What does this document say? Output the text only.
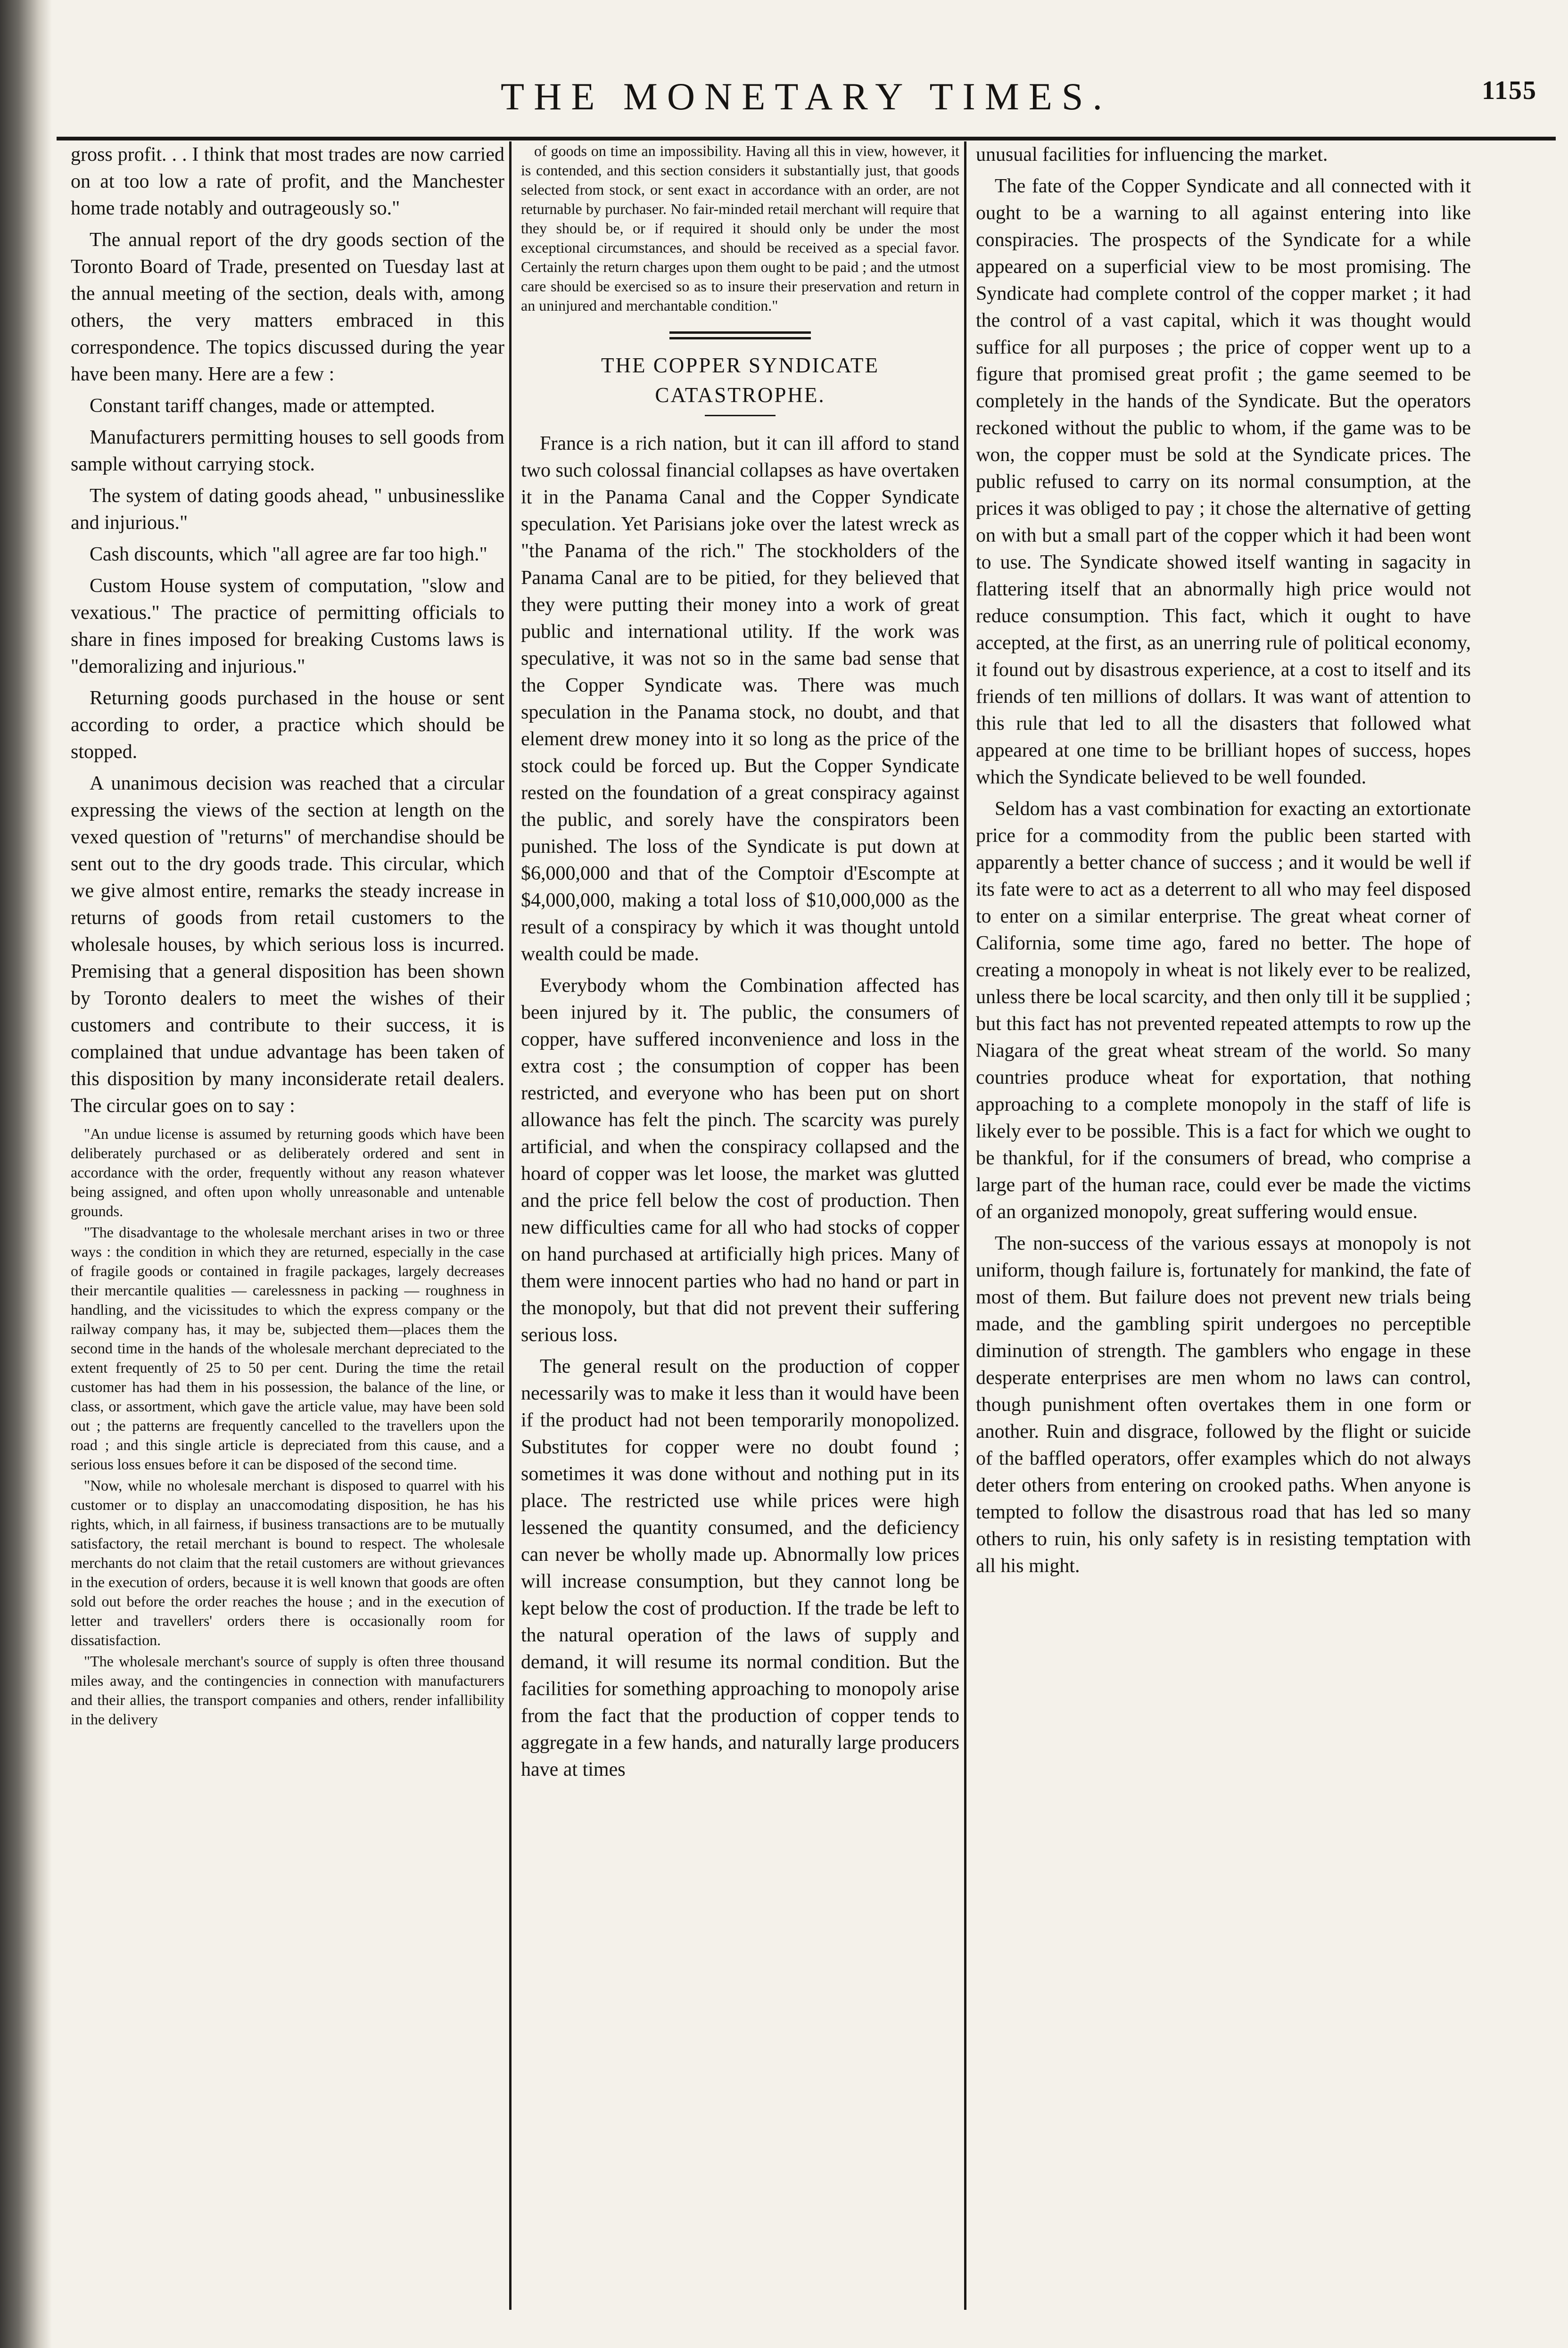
THE MONETARY TIMES.	1155

gross profit. . . I think that most trades are now carried on at too low a rate of profit, and the Manchester home trade notably and outrageously so."

The annual report of the dry goods section of the Toronto Board of Trade, presented on Tuesday last at the annual meeting of the section, deals with, among others, the very matters embraced in this correspondence. The topics discussed during the year have been many. Here are a few :

Constant tariff changes, made or attempted.

Manufacturers permitting houses to sell goods from sample without carrying stock.

The system of dating goods ahead, " unbusinesslike and injurious."

Cash discounts, which "all agree are far too high."

Custom House system of computation, "slow and vexatious." The practice of permitting officials to share in fines imposed for breaking Customs laws is "demoralizing and injurious."

Returning goods purchased in the house or sent according to order, a practice which should be stopped.

A unanimous decision was reached that a circular expressing the views of the section at length on the vexed question of "returns" of merchandise should be sent out to the dry goods trade. This circular, which we give almost entire, remarks the steady increase in returns of goods from retail customers to the wholesale houses, by which serious loss is incurred. Premising that a general disposition has been shown by Toronto dealers to meet the wishes of their customers and contribute to their success, it is complained that undue advantage has been taken of this disposition by many inconsiderate retail dealers. The circular goes on to say :

"An undue license is assumed by returning goods which have been deliberately purchased or as deliberately ordered and sent in accordance with the order, frequently without any reason whatever being assigned, and often upon wholly unreasonable and untenable grounds.

"The disadvantage to the wholesale merchant arises in two or three ways : the condition in which they are returned, especially in the case of fragile goods or contained in fragile packages, largely decreases their mercantile qualities — carelessness in packing — roughness in handling, and the vicissitudes to which the express company or the railway company has, it may be, subjected them—places them the second time in the hands of the wholesale merchant depreciated to the extent frequently of 25 to 50 per cent. During the time the retail customer has had them in his possession, the balance of the line, or class, or assortment, which gave the article value, may have been sold out ; the patterns are frequently cancelled to the travellers upon the road ; and this single article is depreciated from this cause, and a serious loss ensues before it can be disposed of the second time.

"Now, while no wholesale merchant is disposed to quarrel with his customer or to display an unaccomodating disposition, he has his rights, which, in all fairness, if business transactions are to be mutually satisfactory, the retail merchant is bound to respect. The wholesale merchants do not claim that the retail customers are without grievances in the execution of orders, because it is well known that goods are often sold out before the order reaches the house ; and in the execution of letter and travellers' orders there is occasionally room for dissatisfaction.

"The wholesale merchant's source of supply is often three thousand miles away, and the contingencies in connection with manufacturers and their allies, the transport companies and others, render infallibility in the delivery

of goods on time an impossibility. Having all this in view, however, it is contended, and this section considers it substantially just, that goods selected from stock, or sent exact in accordance with an order, are not returnable by purchaser. No fair-minded retail merchant will require that they should be, or if required it should only be under the most exceptional circumstances, and should be received as a special favor. Certainly the return charges upon them ought to be paid ; and the utmost care should be exercised so as to insure their preservation and return in an uninjured and merchantable condition."

THE COPPER SYNDICATE CATASTROPHE.

France is a rich nation, but it can ill afford to stand two such colossal financial collapses as have overtaken it in the Panama Canal and the Copper Syndicate speculation. Yet Parisians joke over the latest wreck as "the Panama of the rich." The stockholders of the Panama Canal are to be pitied, for they believed that they were putting their money into a work of great public and international utility. If the work was speculative, it was not so in the same bad sense that the Copper Syndicate was. There was much speculation in the Panama stock, no doubt, and that element drew money into it so long as the price of the stock could be forced up. But the Copper Syndicate rested on the foundation of a great conspiracy against the public, and sorely have the conspirators been punished. The loss of the Syndicate is put down at $6,000,000 and that of the Comptoir d'Escompte at $4,000,000, making a total loss of $10,000,000 as the result of a conspiracy by which it was thought untold wealth could be made.

Everybody whom the Combination affected has been injured by it. The public, the consumers of copper, have suffered inconvenience and loss in the extra cost ; the consumption of copper has been restricted, and everyone who has been put on short allowance has felt the pinch. The scarcity was purely artificial, and when the conspiracy collapsed and the hoard of copper was let loose, the market was glutted and the price fell below the cost of production. Then new difficulties came for all who had stocks of copper on hand purchased at artificially high prices. Many of them were innocent parties who had no hand or part in the monopoly, but that did not prevent their suffering serious loss.

The general result on the production of copper necessarily was to make it less than it would have been if the product had not been temporarily monopolized. Substitutes for copper were no doubt found ; sometimes it was done without and nothing put in its place. The restricted use while prices were high lessened the quantity consumed, and the deficiency can never be wholly made up. Abnormally low prices will increase consumption, but they cannot long be kept below the cost of production. If the trade be left to the natural operation of the laws of supply and demand, it will resume its normal condition. But the facilities for something approaching to monopoly arise from the fact that the production of copper tends to aggregate in a few hands, and naturally large producers have at times

unusual facilities for influencing the market.

The fate of the Copper Syndicate and all connected with it ought to be a warning to all against entering into like conspiracies. The prospects of the Syndicate for a while appeared on a superficial view to be most promising. The Syndicate had complete control of the copper market ; it had the control of a vast capital, which it was thought would suffice for all purposes ; the price of copper went up to a figure that promised great profit ; the game seemed to be completely in the hands of the Syndicate. But the operators reckoned without the public to whom, if the game was to be won, the copper must be sold at the Syndicate prices. The public refused to carry on its normal consumption, at the prices it was obliged to pay ; it chose the alternative of getting on with but a small part of the copper which it had been wont to use. The Syndicate showed itself wanting in sagacity in flattering itself that an abnormally high price would not reduce consumption. This fact, which it ought to have accepted, at the first, as an unerring rule of political economy, it found out by disastrous experience, at a cost to itself and its friends of ten millions of dollars. It was want of attention to this rule that led to all the disasters that followed what appeared at one time to be brilliant hopes of success, hopes which the Syndicate believed to be well founded.

Seldom has a vast combination for exacting an extortionate price for a commodity from the public been started with apparently a better chance of success ; and it would be well if its fate were to act as a deterrent to all who may feel disposed to enter on a similar enterprise. The great wheat corner of California, some time ago, fared no better. The hope of creating a monopoly in wheat is not likely ever to be realized, unless there be local scarcity, and then only till it be supplied ; but this fact has not prevented repeated attempts to row up the Niagara of the great wheat stream of the world. So many countries produce wheat for exportation, that nothing approaching to a complete monopoly in the staff of life is likely ever to be possible. This is a fact for which we ought to be thankful, for if the consumers of bread, who comprise a large part of the human race, could ever be made the victims of an organized monopoly, great suffering would ensue.

The non-success of the various essays at monopoly is not uniform, though failure is, fortunately for mankind, the fate of most of them. But failure does not prevent new trials being made, and the gambling spirit undergoes no perceptible diminution of strength. The gamblers who engage in these desperate enterprises are men whom no laws can control, though punishment often overtakes them in one form or another. Ruin and disgrace, followed by the flight or suicide of the baffled operators, offer examples which do not always deter others from entering on crooked paths. When anyone is tempted to follow the disastrous road that has led so many others to ruin, his only safety is in resisting temptation with all his might.
